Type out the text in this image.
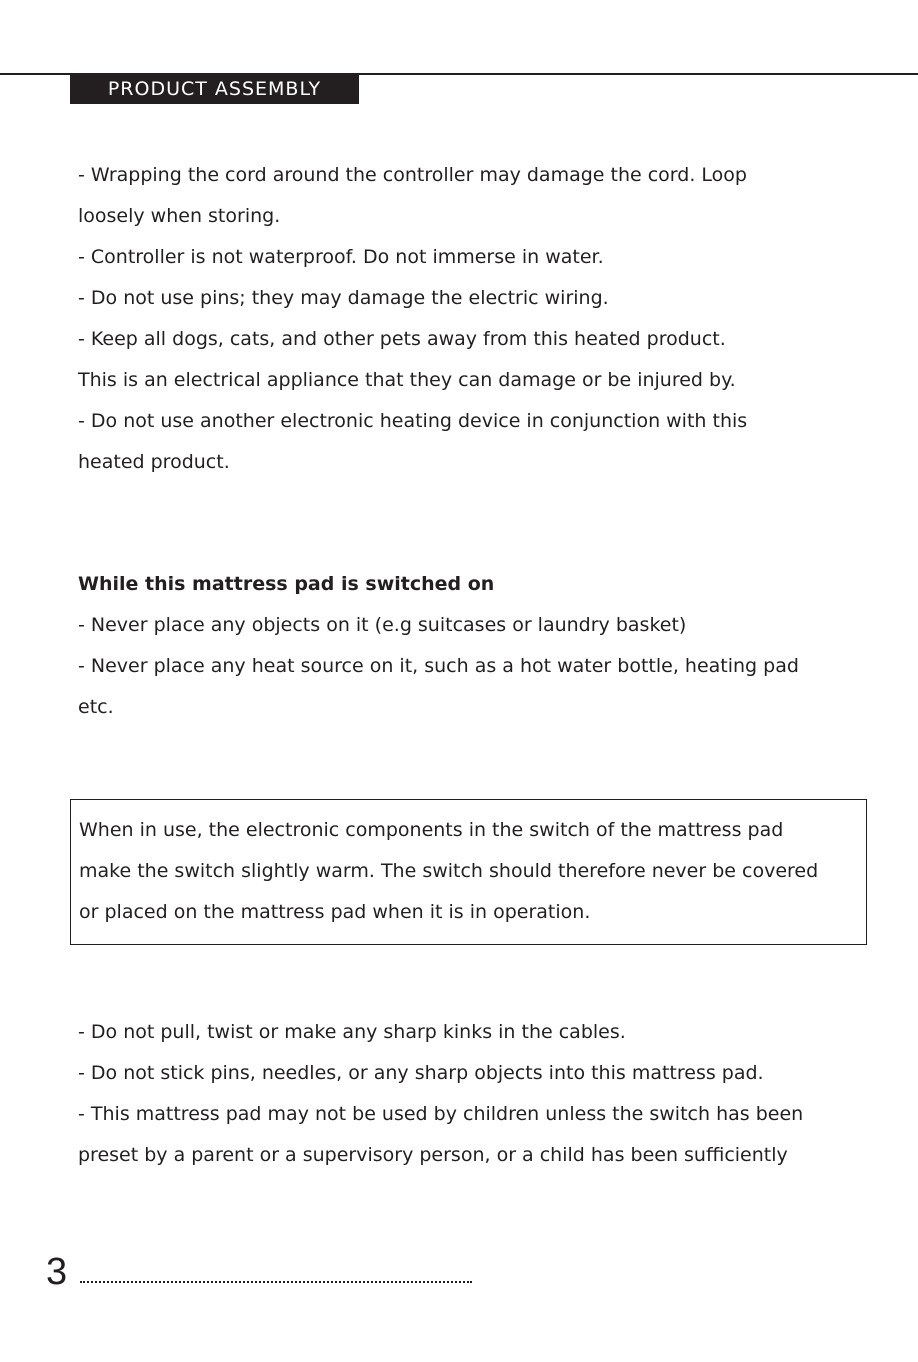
PRODUCT ASSEMBLY

- Wrapping the cord around the controller may damage the cord. Loop

loosely when storing.

- Controller is not waterproof. Do not immerse in water.

- Do not use pins; they may damage the electric wiring.

- Keep all dogs, cats, and other pets away from this heated product.

This is an electrical appliance that they can damage or be injured by.

- Do not use another electronic heating device in conjunction with this

heated product.

While this mattress pad is switched on

- Never place any objects on it (e.g suitcases or laundry basket)

- Never place any heat source on it, such as a hot water bottle, heating pad

etc.

When in use, the electronic components in the switch of the mattress pad

make the switch slightly warm. The switch should therefore never be covered

or placed on the mattress pad when it is in operation.

- Do not pull, twist or make any sharp kinks in the cables.

- Do not stick pins, needles, or any sharp objects into this mattress pad.

- This mattress pad may not be used by children unless the switch has been

preset by a parent or a supervisory person, or a child has been sufficiently

3
